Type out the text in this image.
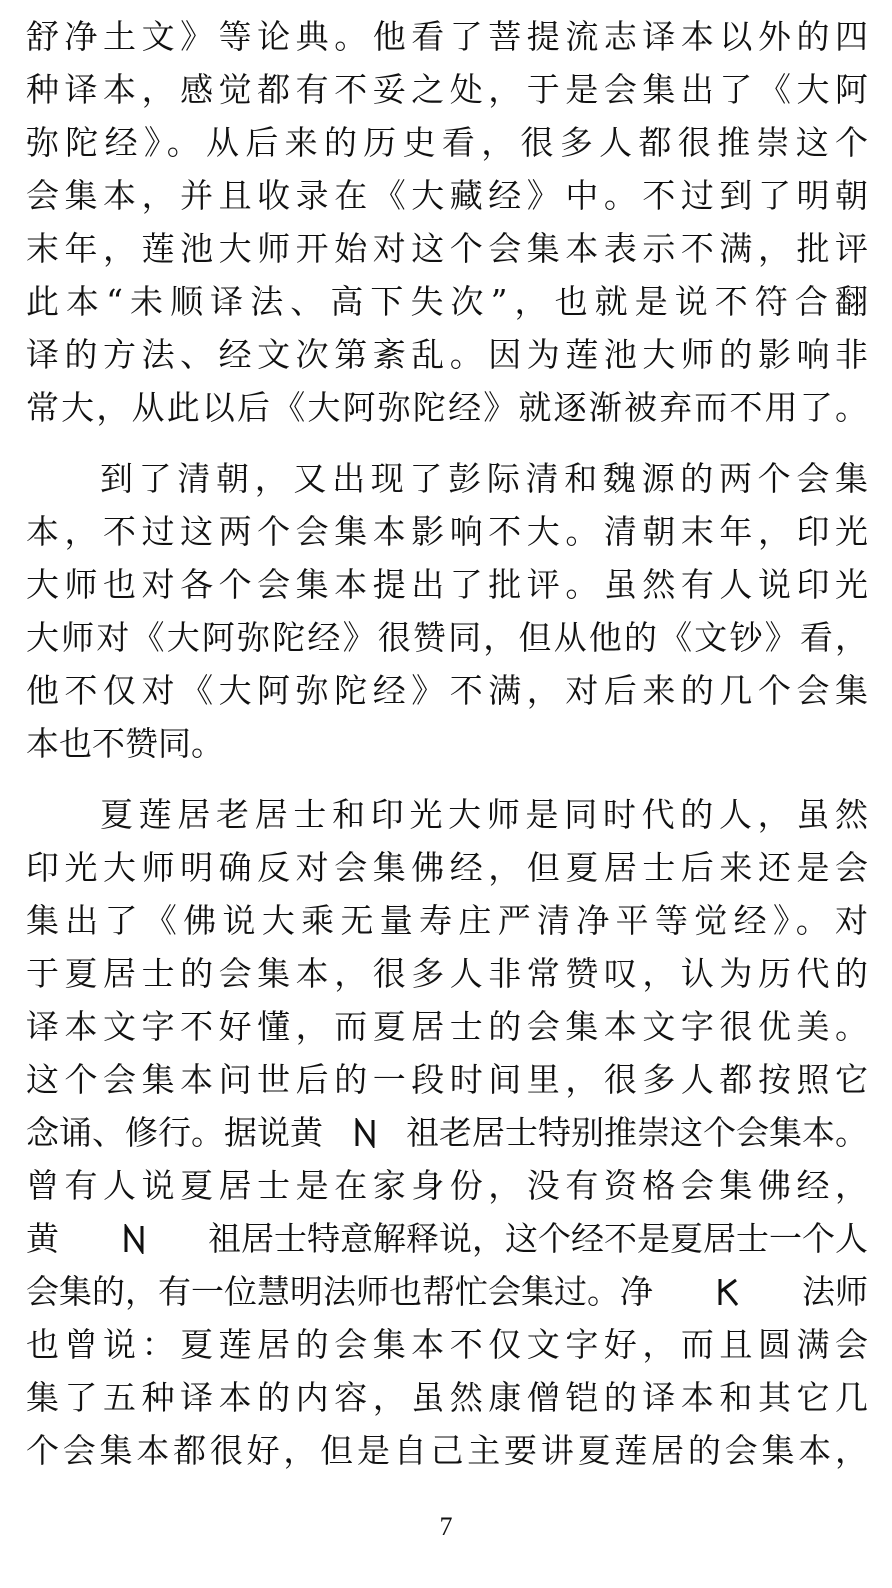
舒净土文》等论典。他看了菩提流志译本以外的四
种译本，感觉都有不妥之处，于是会集出了《大阿
弥陀经》。从后来的历史看，很多人都很推崇这个
会集本，并且收录在《大藏经》中。不过到了明朝
末年，莲池大师开始对这个会集本表示不满，批评
此本“未顺译法、高下失次”，也就是说不符合翻
译的方法、经文次第紊乱。因为莲池大师的影响非
常大，从此以后《大阿弥陀经》就逐渐被弃而不用了。
到了清朝，又出现了彭际清和魏源的两个会集
本，不过这两个会集本影响不大。清朝末年，印光
大师也对各个会集本提出了批评。虽然有人说印光
大师对《大阿弥陀经》很赞同，但从他的《文钞》看，
他不仅对《大阿弥陀经》不满，对后来的几个会集
本也不赞同。
夏莲居老居士和印光大师是同时代的人，虽然
印光大师明确反对会集佛经，但夏居士后来还是会
集出了《佛说大乘无量寿庄严清净平等觉经》。对
于夏居士的会集本，很多人非常赞叹，认为历代的
译本文字不好懂，而夏居士的会集本文字很优美。
这个会集本问世后的一段时间里，很多人都按照它
念诵、修行。据说黄	祖老居士特别推崇这个会集本。
曾有人说夏居士是在家身份，没有资格会集佛经，
黄	祖居士特意解释说，这个经不是夏居士一个人
会集的，有一位慧明法师也帮忙会集过。净	法师
也曾说：夏莲居的会集本不仅文字好，而且圆满会
集了五种译本的内容，虽然康僧铠的译本和其它几
个会集本都很好，但是自己主要讲夏莲居的会集本，
7
